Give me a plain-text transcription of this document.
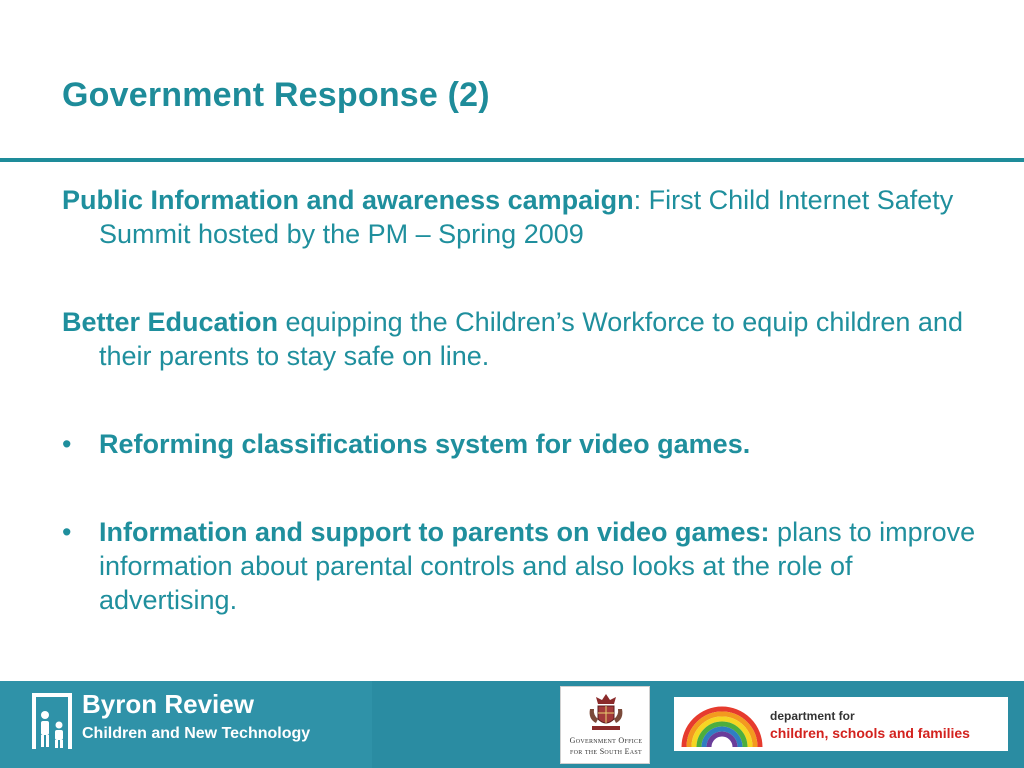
Government Response (2)
Public Information and awareness campaign: First Child Internet Safety Summit hosted by the PM – Spring 2009
Better Education equipping the Children’s Workforce to equip children and their parents to stay safe on line.
•	Reforming classifications system for video games.
•	Information and support to parents on video games: plans to improve information about parental controls and also looks at the role of advertising.
Byron Review
Children and New Technology	Government Office
for the South East
department for
children, schools and families
